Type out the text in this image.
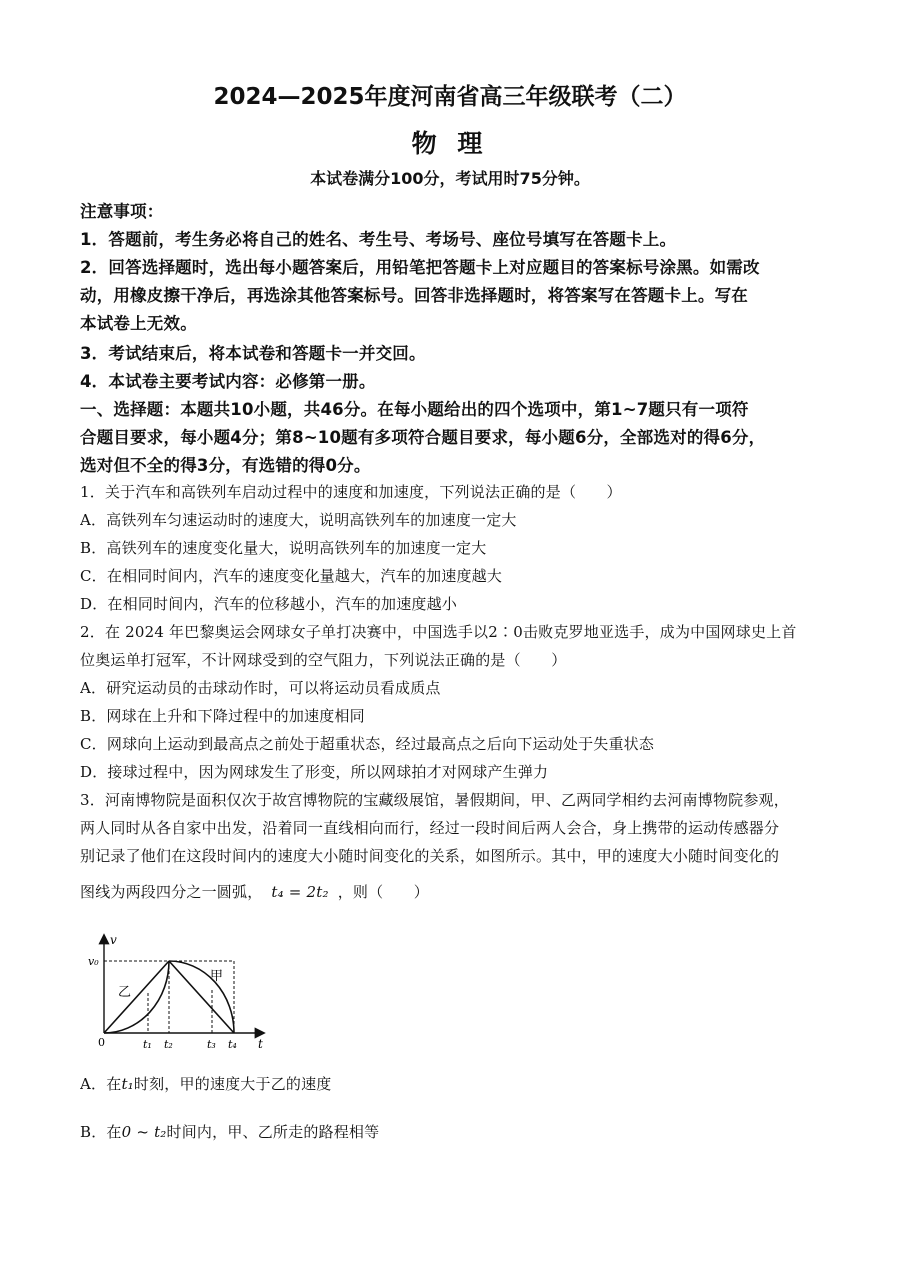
2024—2025年度河南省高三年级联考（二）
物 理
本试卷满分100分，考试用时75分钟。
注意事项：
1．答题前，考生务必将自己的姓名、考生号、考场号、座位号填写在答题卡上。
2．回答选择题时，选出每小题答案后，用铅笔把答题卡上对应题目的答案标号涂黑。如需改
动，用橡皮擦干净后，再选涂其他答案标号。回答非选择题时，将答案写在答题卡上。写在
本试卷上无效。
3．考试结束后，将本试卷和答题卡一并交回。
4．本试卷主要考试内容：必修第一册。
一、选择题：本题共10小题，共46分。在每小题给出的四个选项中，第1~7题只有一项符
合题目要求，每小题4分；第8~10题有多项符合题目要求，每小题6分，全部选对的得6分，
选对但不全的得3分，有选错的得0分。
1．关于汽车和高铁列车启动过程中的速度和加速度，下列说法正确的是（　　）
A．高铁列车匀速运动时的速度大，说明高铁列车的加速度一定大
B．高铁列车的速度变化量大，说明高铁列车的加速度一定大
C．在相同时间内，汽车的速度变化量越大，汽车的加速度越大
D．在相同时间内，汽车的位移越小，汽车的加速度越小
2．在 2024 年巴黎奥运会网球女子单打决赛中，中国选手以2∶0击败克罗地亚选手，成为中国网球史上首
位奥运单打冠军，不计网球受到的空气阻力，下列说法正确的是（　　）
A．研究运动员的击球动作时，可以将运动员看成质点
B．网球在上升和下降过程中的加速度相同
C．网球向上运动到最高点之前处于超重状态，经过最高点之后向下运动处于失重状态
D．接球过程中，因为网球发生了形变，所以网球拍才对网球产生弹力
3．河南博物院是面积仅次于故宫博物院的宝藏级展馆，暑假期间，甲、乙两同学相约去河南博物院参观，
两人同时从各自家中出发，沿着同一直线相向而行，经过一段时间后两人会合，身上携带的运动传感器分
别记录了他们在这段时间内的速度大小随时间变化的关系，如图所示。其中，甲的速度大小随时间变化的
图线为两段四分之一圆弧， t₄ = 2t₂ ，则（　　）
v
t
v₀
0	t₁ t₂	t₃ t₄
甲
乙
A．在t₁时刻，甲的速度大于乙的速度
B．在0 ~ t₂时间内，甲、乙所走的路程相等
